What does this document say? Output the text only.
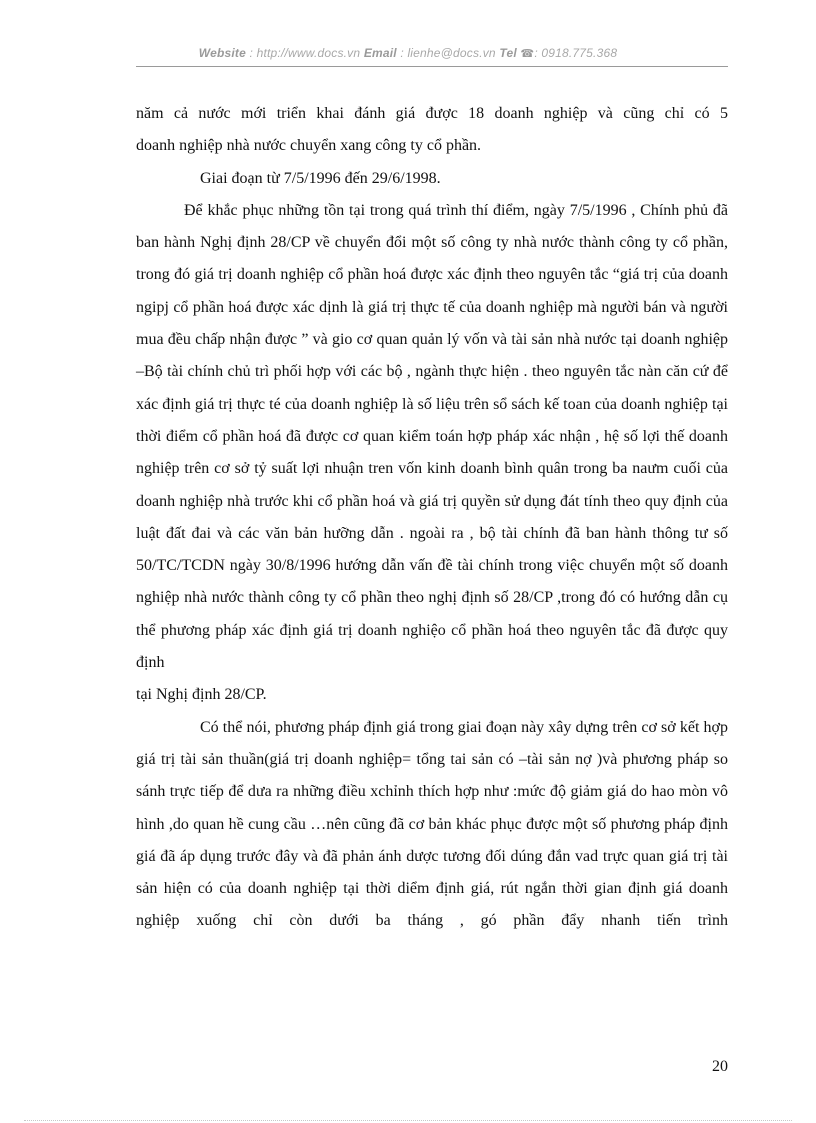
Website : http://www.docs.vn Email : lienhe@docs.vn Tel ☎: 0918.775.368

năm cả nước mới triển khai đánh giá được 18 doanh nghiệp và cũng chỉ có 5
doanh nghiệp nhà nước chuyển xang công ty cổ phần.

Giai đoạn từ 7/5/1996 đến 29/6/1998.

Để khắc phục những tồn tại trong quá trình thí điểm, ngày 7/5/1996 , Chính phủ đã ban hành Nghị định 28/CP về chuyển đổi một số công ty nhà nước thành công ty cổ phần, trong đó giá trị doanh nghiệp cổ phần hoá được xác định theo nguyên tắc “giá trị của doanh ngipj cổ phần hoá được xác dịnh là giá trị thực tế của doanh nghiệp mà người bán và người mua đều chấp nhận được ” và gio cơ quan quản lý vốn và tài sản nhà nước tại doanh nghiệp –Bộ tài chính chủ trì phối hợp với các bộ , ngành thực hiện . theo nguyên tắc nàn căn cứ để xác định giá trị thực té của doanh nghiệp là số liệu trên sổ sách kế toan của doanh nghiệp tại thời điểm cổ phần hoá đã được cơ quan kiểm toán hợp pháp xác nhận , hệ số lợi thế doanh nghiệp trên cơ sở tỷ suất lợi nhuận tren vốn kinh doanh bình quân trong ba naưm cuối của doanh nghiệp nhà trước khi cổ phần hoá và giá trị quyền sử dụng đát tính theo quy định của luật đất đai và các văn bản hưỡng dẫn . ngoài ra , bộ tài chính đã ban hành thông tư số 50/TC/TCDN ngày 30/8/1996 hướng dẫn vấn đề tài chính trong việc chuyển một số doanh nghiệp nhà nước thành công ty cổ phần theo nghị định số 28/CP ,trong đó có hướng dẫn cụ thể phương pháp xác định giá trị doanh nghiệo cổ phần hoá theo nguyên tắc đã được quy định
tại Nghị định 28/CP.

Có thể nói, phương pháp định giá trong giai đoạn này xây dựng trên cơ sở kết hợp giá trị tài sản thuần(giá trị doanh nghiệp= tổng tai sản có –tài sản nợ )và phương pháp so sánh trực tiếp để dưa ra những điều xchỉnh thích hợp như :mức độ giảm giá do hao mòn vô hình ,do quan hề cung cầu …nên cũng đã cơ bản khác phục được một số phương pháp định giá đã áp dụng trước đây và đã phản ánh dược tương đối dúng đắn vad trực quan giá trị tài sản hiện có của doanh nghiệp tại thời diểm định giá, rút ngắn thời gian định giá doanh nghiệp xuống chỉ còn dưới ba tháng , gó phần đẩy nhanh tiến trình

20
